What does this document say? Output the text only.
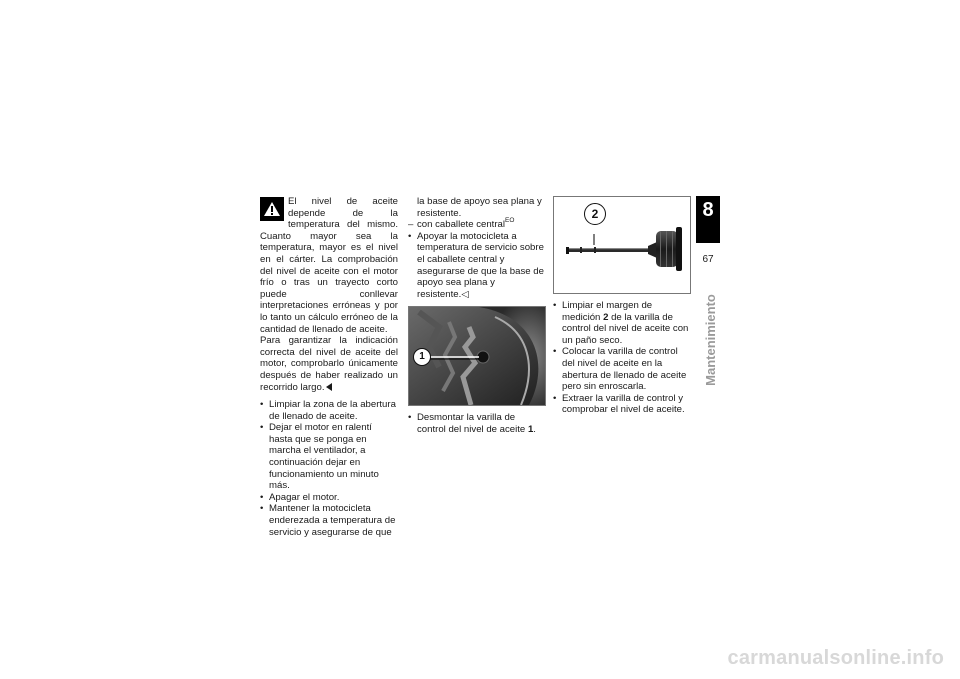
El nivel de aceite depende de la temperatura del mismo. Cuanto mayor sea la temperatura, mayor es el nivel en el cárter. La comprobación del nivel de aceite con el motor frío o tras un trayecto corto puede conllevar interpretaciones erróneas y por lo tanto un cálculo erróneo de la cantidad de llenado de aceite.

Para garantizar la indicación correcta del nivel de aceite del motor, comprobarlo únicamente después de haber realizado un recorrido largo.

• Limpiar la zona de la abertura de llenado de aceite.
• Dejar el motor en ralentí hasta que se ponga en marcha el ventilador, a continuación dejar en funcionamiento un minuto más.
• Apagar el motor.
• Mantener la motocicleta enderezada a temperatura de servicio y asegurarse de que

la base de apoyo sea plana y resistente.

– con caballete central$^{EO}$

• Apoyar la motocicleta a temperatura de servicio sobre el caballete central y asegurarse de que la base de apoyo sea plana y resistente.◁
1
• Desmontar la varilla de control del nivel de aceite 1.
2
• Limpiar el margen de medición 2 de la varilla de control del nivel de aceite con un paño seco.
• Colocar la varilla de control del nivel de aceite en la abertura de llenado de aceite pero sin enroscarla.
• Extraer la varilla de control y comprobar el nivel de aceite.
8
67
Mantenimiento
carmanualsonline.info
